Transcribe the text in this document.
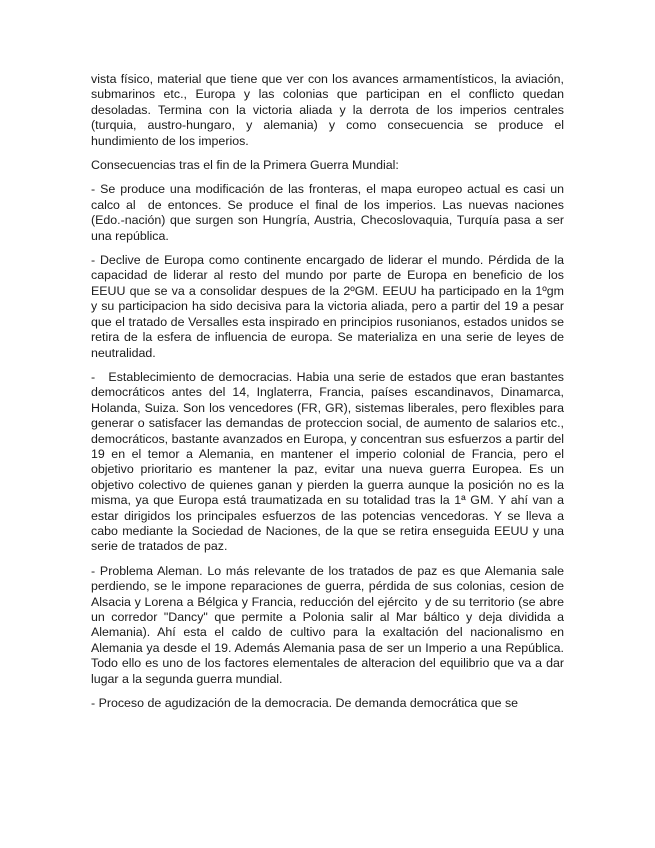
vista físico, material que tiene que ver con los avances armamentísticos, la aviación, submarinos etc., Europa y las colonias que participan en el conflicto quedan desoladas. Termina con la victoria aliada y la derrota de los imperios centrales (turquia, austro-hungaro, y alemania) y como consecuencia se produce el hundimiento de los imperios.

Consecuencias tras el fin de la Primera Guerra Mundial:

- Se produce una modificación de las fronteras, el mapa europeo actual es casi un calco al  de entonces. Se produce el final de los imperios. Las nuevas naciones (Edo.-nación) que surgen son Hungría, Austria, Checoslovaquia, Turquía pasa a ser una república.

- Declive de Europa como continente encargado de liderar el mundo. Pérdida de la capacidad de liderar al resto del mundo por parte de Europa en beneficio de los EEUU que se va a consolidar despues de la 2ºGM. EEUU ha participado en la 1ºgm  y su participacion ha sido decisiva para la victoria aliada, pero a partir del 19 a pesar que el tratado de Versalles esta inspirado en principios rusonianos, estados unidos se retira de la esfera de influencia de europa. Se materializa en una serie de leyes de neutralidad.

-   Establecimiento de democracias. Habia una serie de estados que eran bastantes democráticos antes del 14, Inglaterra, Francia, países escandinavos, Dinamarca, Holanda, Suiza. Son los vencedores (FR, GR), sistemas liberales, pero flexibles para generar o satisfacer las demandas de proteccion social, de aumento de salarios etc., democráticos, bastante avanzados en Europa, y concentran sus esfuerzos a partir del 19 en el temor a Alemania, en mantener el imperio colonial de Francia, pero el objetivo prioritario es mantener la paz, evitar una nueva guerra Europea. Es un objetivo colectivo de quienes ganan y pierden la guerra aunque la posición no es la misma, ya que Europa está traumatizada en su totalidad tras la 1ª GM. Y ahí van a estar dirigidos los principales esfuerzos de las potencias vencedoras. Y se lleva a cabo mediante la Sociedad de Naciones, de la que se retira enseguida EEUU y una serie de tratados de paz.

- Problema Aleman. Lo más relevante de los tratados de paz es que Alemania sale perdiendo, se le impone reparaciones de guerra, pérdida de sus colonias, cesion de Alsacia y Lorena a Bélgica y Francia, reducción del ejército  y de su territorio (se abre un corredor "Dancy" que permite a Polonia salir al Mar báltico y deja dividida a Alemania). Ahí esta el caldo de cultivo para la exaltación del nacionalismo en Alemania ya desde el 19. Además Alemania pasa de ser un Imperio a una República. Todo ello es uno de los factores elementales de alteracion del equilibrio que va a dar lugar a la segunda guerra mundial.

- Proceso de agudización de la democracia. De demanda democrática que se
